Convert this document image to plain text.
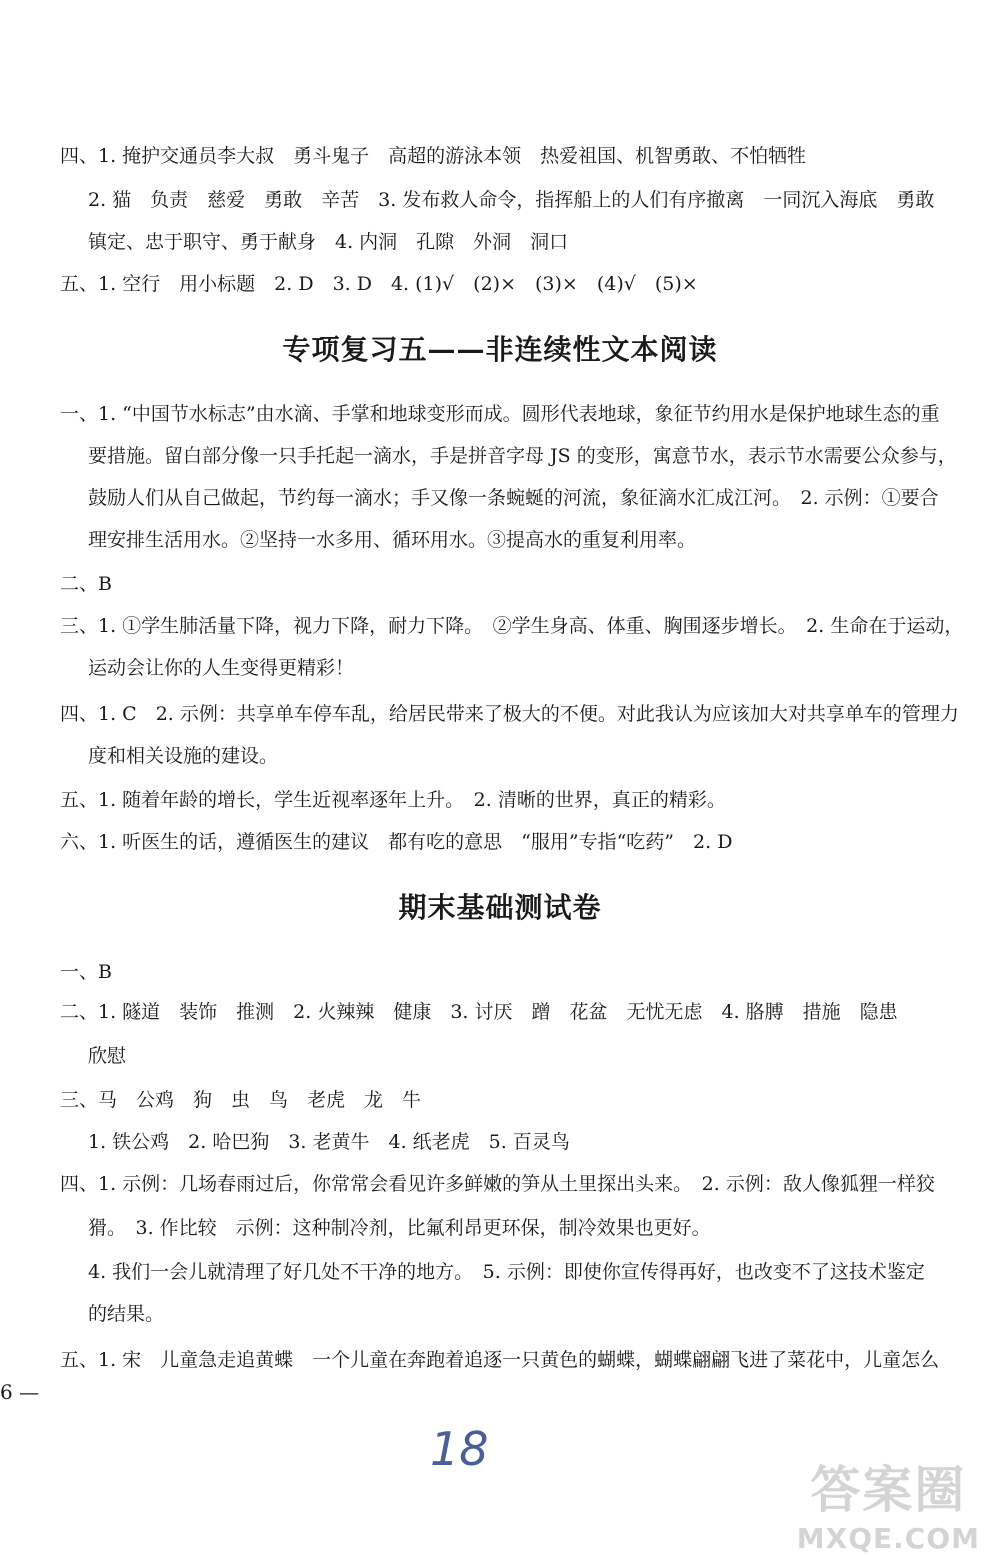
四、1. 掩护交通员李大叔　勇斗鬼子　高超的游泳本领　热爱祖国、机智勇敢、不怕牺牲
2. 猫　负责　慈爱　勇敢　辛苦　3. 发布救人命令，指挥船上的人们有序撤离　一同沉入海底　勇敢
镇定、忠于职守、勇于献身　4. 内洞　孔隙　外洞　洞口
五、1. 空行　用小标题　2. D　3. D　4. (1)√　(2)×　(3)×　(4)√　(5)×
专项复习五——非连续性文本阅读
一、1. “中国节水标志”由水滴、手掌和地球变形而成。圆形代表地球，象征节约用水是保护地球生态的重
要措施。留白部分像一只手托起一滴水，手是拼音字母 JS 的变形，寓意节水，表示节水需要公众参与，
鼓励人们从自己做起，节约每一滴水；手又像一条蜿蜒的河流，象征滴水汇成江河。　2. 示例：①要合
理安排生活用水。②坚持一水多用、循环用水。③提高水的重复利用率。
二、B
三、1. ①学生肺活量下降，视力下降，耐力下降。　②学生身高、体重、胸围逐步增长。　2. 生命在于运动，
运动会让你的人生变得更精彩！
四、1. C　2. 示例：共享单车停车乱，给居民带来了极大的不便。对此我认为应该加大对共享单车的管理力
度和相关设施的建设。
五、1. 随着年龄的增长，学生近视率逐年上升。　2. 清晰的世界，真正的精彩。
六、1. 听医生的话，遵循医生的建议　都有吃的意思　“服用”专指“吃药”　2. D
期末基础测试卷
一、B
二、1. 隧道　装饰　推测　2. 火辣辣　健康　3. 讨厌　蹭　花盆　无忧无虑　4. 胳膊　措施　隐患
欣慰
三、马　公鸡　狗　虫　鸟　老虎　龙　牛
1. 铁公鸡　2. 哈巴狗　3. 老黄牛　4. 纸老虎　5. 百灵鸟
四、1. 示例：几场春雨过后，你常常会看见许多鲜嫩的笋从土里探出头来。　2. 示例：敌人像狐狸一样狡
猾。　3. 作比较　示例：这种制冷剂，比氟利昂更环保，制冷效果也更好。
4. 我们一会儿就清理了好几处不干净的地方。　5. 示例：即使你宣传得再好，也改变不了这技术鉴定
的结果。
五、1. 宋　儿童急走追黄蝶　一个儿童在奔跑着追逐一只黄色的蝴蝶，蝴蝶翩翩飞进了菜花中，儿童怎么
6 —
18
答案圈
MXQE.COM
